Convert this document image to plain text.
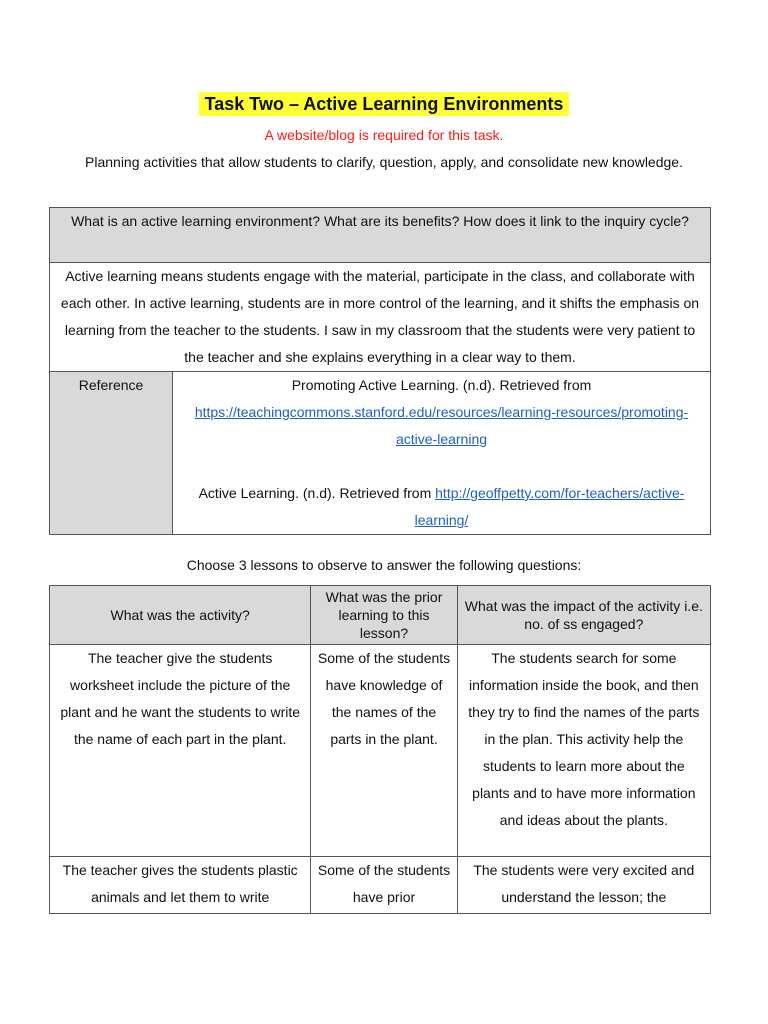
Task Two – Active Learning Environments
A website/blog is required for this task.
Planning activities that allow students to clarify, question, apply, and consolidate new knowledge.
What is an active learning environment? What are its benefits? How does it link to the inquiry cycle?
Active learning means students engage with the material, participate in the class, and collaborate with each other. In active learning, students are in more control of the learning, and it shifts the emphasis on learning from the teacher to the students. I saw in my classroom that the students were very patient to the teacher and she explains everything in a clear way to them.
Reference	Promoting Active Learning. (n.d). Retrieved from
https://teachingcommons.stanford.edu/resources/learning-resources/promoting-active-learning
Active Learning. (n.d). Retrieved from http://geoffpetty.com/for-teachers/active-learning/
Choose 3 lessons to observe to answer the following questions:
What was the activity?	What was the prior learning to this lesson?	What was the impact of the activity i.e. no. of ss engaged?
The teacher give the students worksheet include the picture of the plant and he want the students to write the name of each part in the plant.	Some of the students have knowledge of the names of the parts in the plant.	The students search for some information inside the book, and then they try to find the names of the parts in the plan. This activity help the students to learn more about the plants and to have more information and ideas about the plants.
The teacher gives the students plastic animals and let them to write	Some of the students have prior	The students were very excited and understand the lesson; the
